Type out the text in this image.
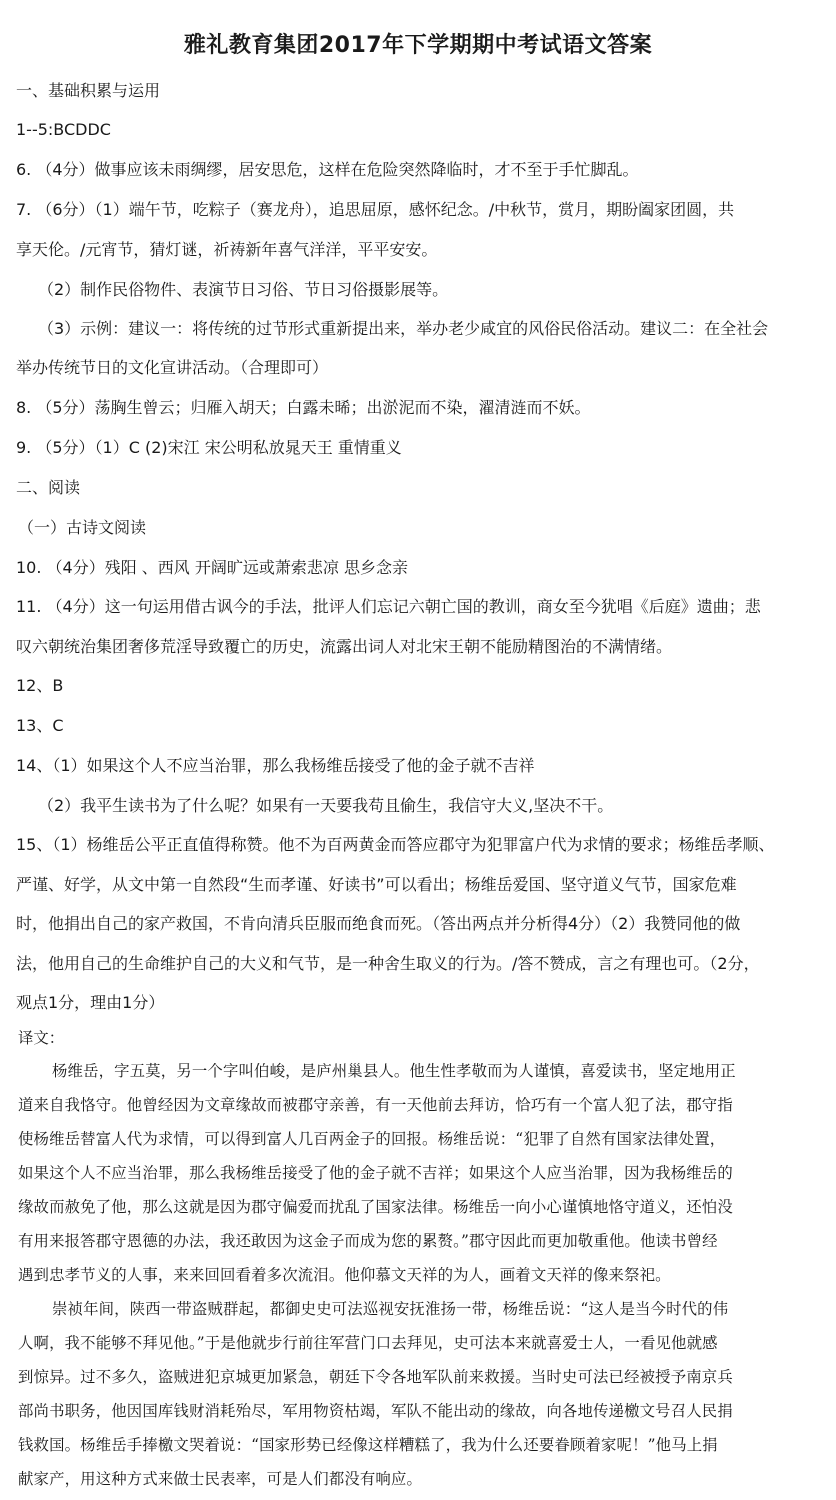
雅礼教育集团2017年下学期期中考试语文答案
一、基础积累与运用
1--5:BCDDC
6. （4分）做事应该未雨绸缪，居安思危，这样在危险突然降临时，才不至于手忙脚乱。
7. （6分）（1）端午节，吃粽子（赛龙舟），追思屈原，感怀纪念。/中秋节，赏月，期盼阖家团圆，共
享天伦。/元宵节，猜灯谜，祈祷新年喜气洋洋，平平安安。
（2）制作民俗物件、表演节日习俗、节日习俗摄影展等。
（3）示例：建议一：将传统的过节形式重新提出来，举办老少咸宜的风俗民俗活动。建议二：在全社会
举办传统节日的文化宣讲活动。（合理即可）
8. （5分）荡胸生曾云；归雁入胡天；白露未晞；出淤泥而不染，濯清涟而不妖。
9. （5分）（1）C (2)宋江 宋公明私放晁天王 重情重义
二、阅读
（一）古诗文阅读
10. （4分）残阳 、西风 开阔旷远或萧索悲凉 思乡念亲
11. （4分）这一句运用借古讽今的手法，批评人们忘记六朝亡国的教训，商女至今犹唱《后庭》遗曲；悲
叹六朝统治集团奢侈荒淫导致覆亡的历史，流露出词人对北宋王朝不能励精图治的不满情绪。
12、B
13、C
14、（1）如果这个人不应当治罪，那么我杨维岳接受了他的金子就不吉祥
（2）我平生读书为了什么呢？如果有一天要我苟且偷生，我信守大义,坚决不干。
15、（1）杨维岳公平正直值得称赞。他不为百两黄金而答应郡守为犯罪富户代为求情的要求；杨维岳孝顺、
严谨、好学，从文中第一自然段“生而孝谨、好读书”可以看出；杨维岳爱国、坚守道义气节，国家危难
时，他捐出自己的家产救国，不肯向清兵臣服而绝食而死。（答出两点并分析得4分）（2）我赞同他的做
法，他用自己的生命维护自己的大义和气节，是一种舍生取义的行为。/答不赞成，言之有理也可。（2分，
观点1分，理由1分）
译文：
杨维岳，字五莫，另一个字叫伯峻，是庐州巢县人。他生性孝敬而为人谨慎，喜爱读书，坚定地用正
道来自我恪守。他曾经因为文章缘故而被郡守亲善，有一天他前去拜访，恰巧有一个富人犯了法，郡守指
使杨维岳替富人代为求情，可以得到富人几百两金子的回报。杨维岳说：“犯罪了自然有国家法律处置，
如果这个人不应当治罪，那么我杨维岳接受了他的金子就不吉祥；如果这个人应当治罪，因为我杨维岳的
缘故而赦免了他，那么这就是因为郡守偏爱而扰乱了国家法律。杨维岳一向小心谨慎地恪守道义，还怕没
有用来报答郡守恩德的办法，我还敢因为这金子而成为您的累赘。”郡守因此而更加敬重他。他读书曾经
遇到忠孝节义的人事，来来回回看着多次流泪。他仰慕文天祥的为人，画着文天祥的像来祭祀。
崇祯年间，陕西一带盗贼群起，都御史史可法巡视安抚淮扬一带，杨维岳说：“这人是当今时代的伟
人啊，我不能够不拜见他。”于是他就步行前往军营门口去拜见，史可法本来就喜爱士人，一看见他就感
到惊异。过不多久，盗贼进犯京城更加紧急，朝廷下令各地军队前来救援。当时史可法已经被授予南京兵
部尚书职务，他因国库钱财消耗殆尽，军用物资枯竭，军队不能出动的缘故，向各地传递檄文号召人民捐
钱救国。杨维岳手捧檄文哭着说：“国家形势已经像这样糟糕了，我为什么还要眷顾着家呢！”他马上捐
献家产，用这种方式来做士民表率，可是人们都没有响应。
